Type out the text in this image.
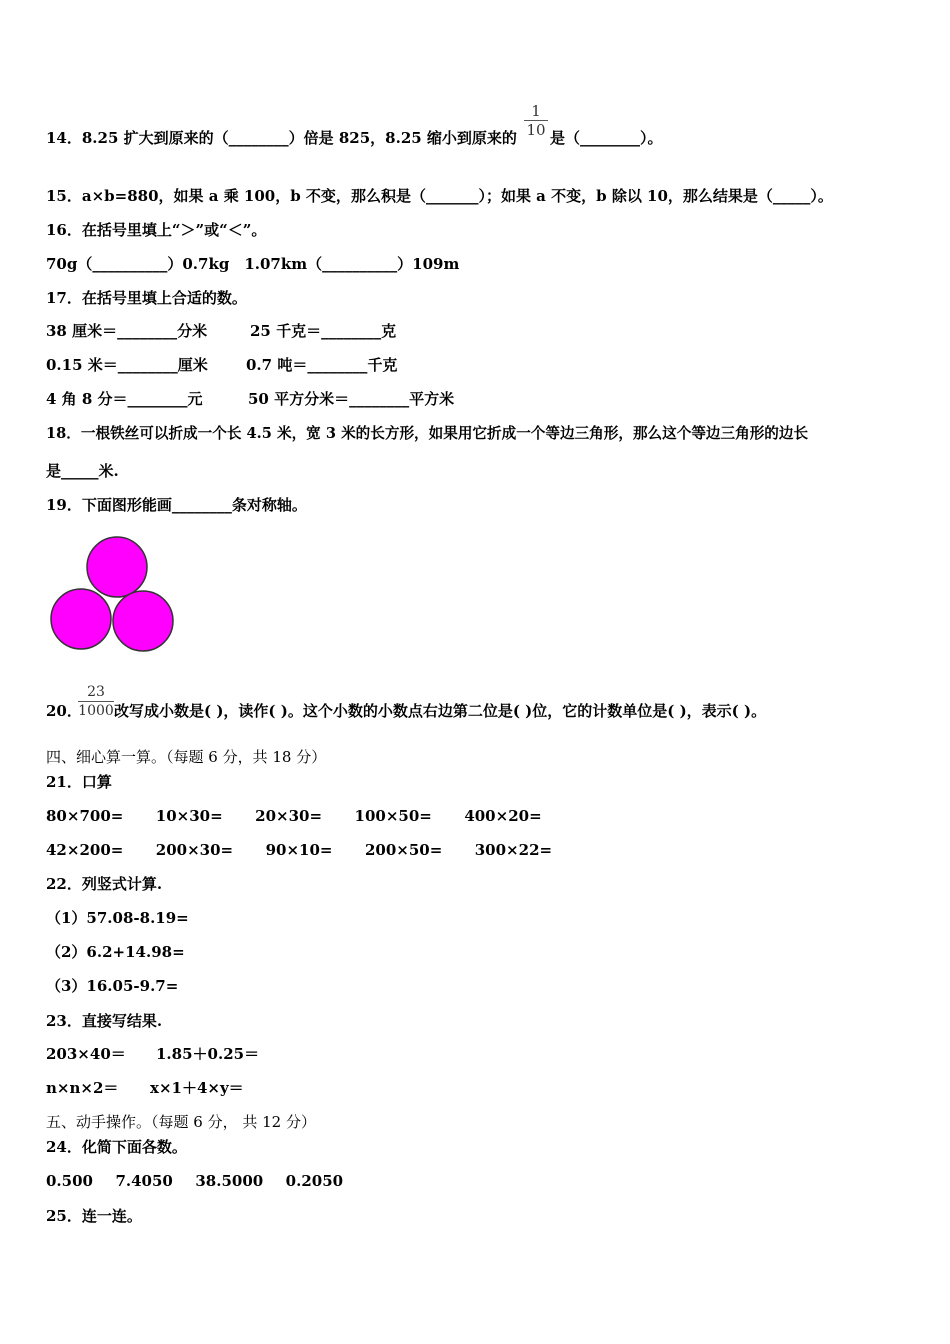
14．8.25 扩大到原来的（________）倍是 825，8.25 缩小到原来的
1
10 是（________）。
15．a×b=880，如果 a 乘 100，b 不变，那么积是（_______）；如果 a 不变，b 除以 10，那么结果是（_____）。
16．在括号里填上“＞”或“＜”。
70g（__________）0.7kg　1.07km（__________）109m
17．在括号里填上合适的数。
38 厘米＝________分米	25 千克＝________克
0.15 米＝________厘米	0.7 吨＝________千克
4 角 8 分＝________元	50 平方分米＝________平方米
18．一根铁丝可以折成一个长 4.5 米，宽 3 米的长方形，如果用它折成一个等边三角形，那么这个等边三角形的边长
是_____米.
19．下面图形能画________条对称轴。
20．
23
1000 改写成小数是( )，读作( )。这个小数的小数点右边第二位是( )位，它的计数单位是( )，表示( )。
四、细心算一算。（每题 6 分，共 18 分）
21．口算
80×700= 10×30= 20×30= 100×50= 400×20=
42×200= 200×30= 90×10= 200×50= 300×22=
22．列竖式计算.
（1）57.08-8.19=
（2）6.2+14.98=
（3）16.05-9.7=
23．直接写结果.
203×40＝ 1.85＋0.25＝
n×n×2＝ x×1＋4×y＝
五、动手操作。（每题 6 分， 共 12 分）
24．化简下面各数。
0.500 7.4050 38.5000 0.2050
25．连一连。
